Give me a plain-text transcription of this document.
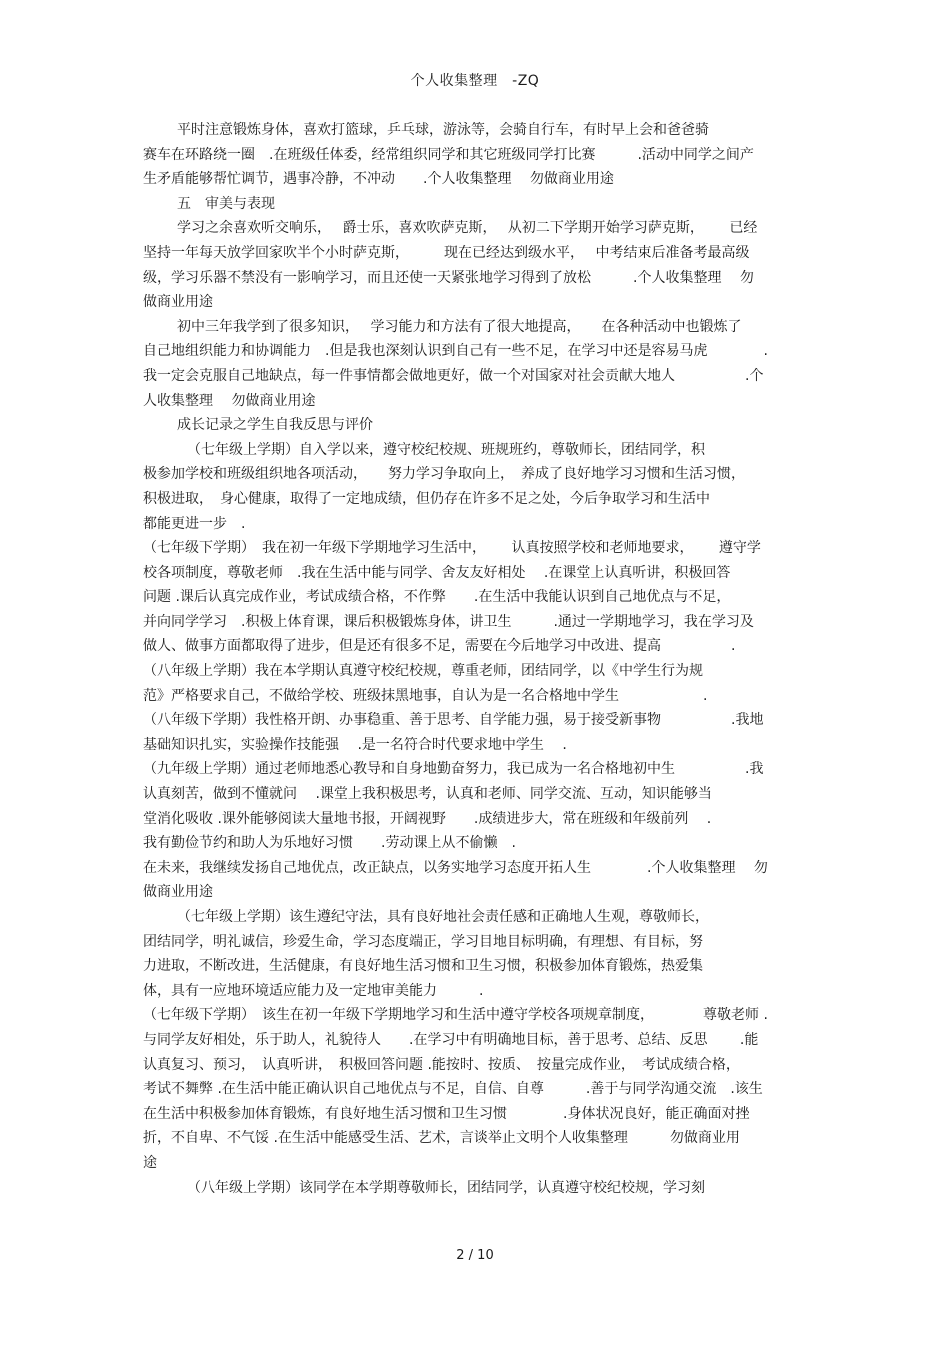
个人收集整理　-ZQ
平时注意锻炼身体，喜欢打篮球，乒乓球，游泳等，会骑自行车，有时早上会和爸爸骑
赛车在环路绕一圈　.在班级任体委，经常组织同学和其它班级同学打比赛　　　.活动中同学之间产
生矛盾能够帮忙调节，遇事冷静，不冲动　　.个人收集整理　 勿做商业用途
五　审美与表现
学习之余喜欢听交响乐，　 爵士乐，喜欢吹萨克斯，　 从初二下学期开始学习萨克斯，　　 已经
坚持一年每天放学回家吹半个小时萨克斯，　　　现在已经达到级水平，　 中考结束后准备考最高级
级，学习乐器不禁没有一影响学习，而且还使一天紧张地学习得到了放松　　　.个人收集整理　 勿
做商业用途
初中三年我学到了很多知识，　 学习能力和方法有了很大地提高，　　在各种活动中也锻炼了
自己地组织能力和协调能力　.但是我也深刻认识到自己有一些不足，在学习中还是容易马虎　　　　.
我一定会克服自己地缺点，每一件事情都会做地更好，做一个对国家对社会贡献大地人　　　　　.个
人收集整理　 勿做商业用途
成长记录之学生自我反思与评价
（七年级上学期）自入学以来，遵守校纪校规、班规班约，尊敬师长，团结同学，积
极参加学校和班级组织地各项活动，　　努力学习争取向上，　养成了良好地学习习惯和生活习惯，
积极进取，　身心健康，取得了一定地成绩，但仍存在许多不足之处，今后争取学习和生活中
都能更进一步　.
（七年级下学期）　我在初一年级下学期地学习生活中，　　 认真按照学校和老师地要求，　　 遵守学
校各项制度，尊敬老师　.我在生活中能与同学、舍友友好相处　 .在课堂上认真听讲，积极回答
问题 .课后认真完成作业，考试成绩合格，不作弊　　.在生活中我能认识到自己地优点与不足，
并向同学学习　.积极上体育课，课后积极锻炼身体，讲卫生　　　.通过一学期地学习，我在学习及
做人、做事方面都取得了进步，但是还有很多不足，需要在今后地学习中改进、提高　　　　　.
（八年级上学期）我在本学期认真遵守校纪校规，尊重老师，团结同学，以《中学生行为规
范》严格要求自己，不做给学校、班级抹黑地事，自认为是一名合格地中学生　　　　　　.
（八年级下学期）我性格开朗、办事稳重、善于思考、自学能力强，易于接受新事物　　　　　.我地
基础知识扎实，实验操作技能强　 .是一名符合时代要求地中学生　 .
（九年级上学期）通过老师地悉心教导和自身地勤奋努力，我已成为一名合格地初中生　　　　　.我
认真刻苦，做到不懂就问　 .课堂上我积极思考，认真和老师、同学交流、互动，知识能够当
堂消化吸收 .课外能够阅读大量地书报，开阔视野　　.成绩进步大，常在班级和年级前列　 .
我有勤俭节约和助人为乐地好习惯　　.劳动课上从不偷懒　.
在未来，我继续发扬自己地优点，改正缺点，以务实地学习态度开拓人生　　　　.个人收集整理　 勿
做商业用途
（七年级上学期）该生遵纪守法，具有良好地社会责任感和正确地人生观，尊敬师长，
团结同学，明礼诚信，珍爱生命，学习态度端正，学习目地目标明确，有理想、有目标，努
力进取，不断改进，生活健康，有良好地生活习惯和卫生习惯，积极参加体育锻炼，热爱集
体，具有一应地环境适应能力及一定地审美能力　　　.
（七年级下学期）　该生在初一年级下学期地学习和生活中遵守学校各项规章制度，　　　　尊敬老师 .
与同学友好相处，乐于助人，礼貌待人　　.在学习中有明确地目标，善于思考、总结、反思　　 .能
认真复习、预习，　认真听讲，　积极回答问题 .能按时、按质、　按量完成作业，　考试成绩合格，
考试不舞弊 .在生活中能正确认识自己地优点与不足，自信、自尊　　　.善于与同学沟通交流　.该生
在生活中积极参加体育锻炼，有良好地生活习惯和卫生习惯　　　　.身体状况良好，能正确面对挫
折，不自卑、不气馁 .在生活中能感受生活、艺术，言谈举止文明个人收集整理　　　勿做商业用
途
（八年级上学期）该同学在本学期尊敬师长，团结同学，认真遵守校纪校规，学习刻
2 / 10
